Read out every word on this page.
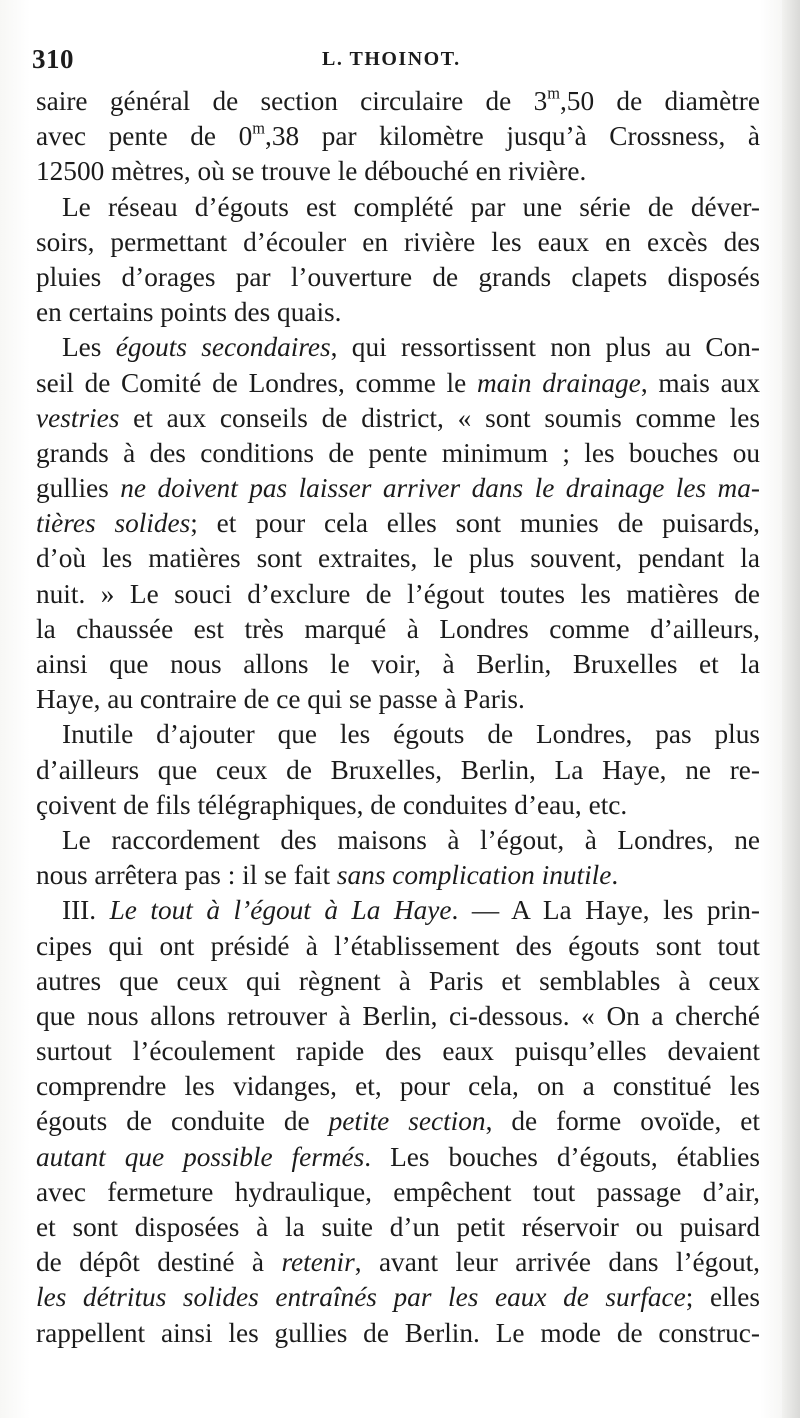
310	L. THOINOT.
saire général de section circulaire de 3$^m$,50 de diamètre
avec pente de 0$^m$,38 par kilomètre jusqu’à Crossness, à
12500 mètres, où se trouve le débouché en rivière.
Le réseau d’égouts est complété par une série de déver-
soirs, permettant d’écouler en rivière les eaux en excès des
pluies d’orages par l’ouverture de grands clapets disposés
en certains points des quais.
Les égouts secondaires, qui ressortissent non plus au Con-
seil de Comité de Londres, comme le main drainage, mais aux
vestries et aux conseils de district, « sont soumis comme les
grands à des conditions de pente minimum ; les bouches ou
gullies ne doivent pas laisser arriver dans le drainage les ma-
tières solides; et pour cela elles sont munies de puisards,
d’où les matières sont extraites, le plus souvent, pendant la
nuit. » Le souci d’exclure de l’égout toutes les matières de
la chaussée est très marqué à Londres comme d’ailleurs,
ainsi que nous allons le voir, à Berlin, Bruxelles et la
Haye, au contraire de ce qui se passe à Paris.
Inutile d’ajouter que les égouts de Londres, pas plus
d’ailleurs que ceux de Bruxelles, Berlin, La Haye, ne re-
çoivent de fils télégraphiques, de conduites d’eau, etc.
Le raccordement des maisons à l’égout, à Londres, ne
nous arrêtera pas : il se fait sans complication inutile.
III. Le tout à l’égout à La Haye. — A La Haye, les prin-
cipes qui ont présidé à l’établissement des égouts sont tout
autres que ceux qui règnent à Paris et semblables à ceux
que nous allons retrouver à Berlin, ci-dessous. « On a cherché
surtout l’écoulement rapide des eaux puisqu’elles devaient
comprendre les vidanges, et, pour cela, on a constitué les
égouts de conduite de petite section, de forme ovoïde, et
autant que possible fermés. Les bouches d’égouts, établies
avec fermeture hydraulique, empêchent tout passage d’air,
et sont disposées à la suite d’un petit réservoir ou puisard
de dépôt destiné à retenir, avant leur arrivée dans l’égout,
les détritus solides entraînés par les eaux de surface; elles
rappellent ainsi les gullies de Berlin. Le mode de construc-
